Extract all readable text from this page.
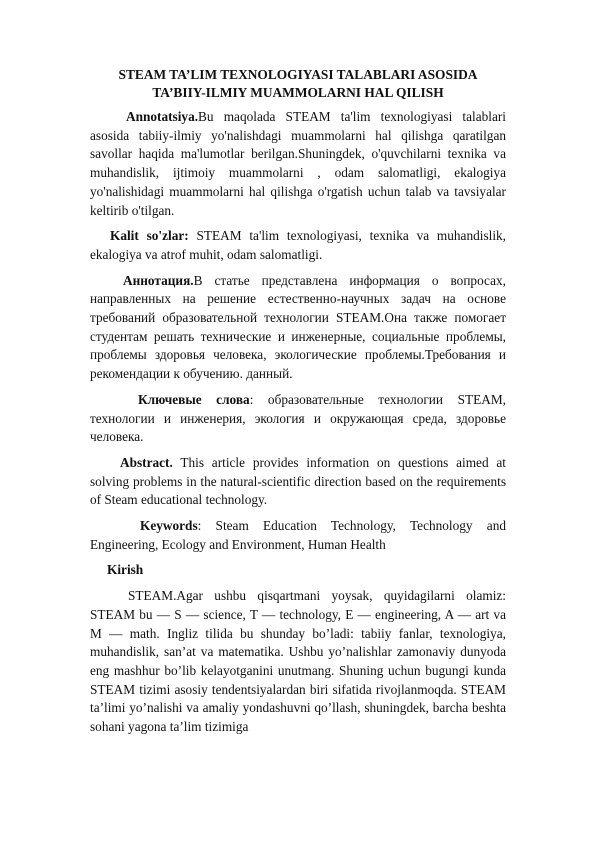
STEAM TA’LIM TEXNOLOGIYASI TALABLARI ASOSIDA
TA’BIIY-ILMIY MUAMMOLARNI HAL QILISH

Annotatsiya.Bu maqolada STEAM ta'lim texnologiyasi talablari asosida tabiiy-ilmiy yo'nalishdagi muammolarni hal qilishga qaratilgan savollar haqida ma'lumotlar berilgan.Shuningdek, o'quvchilarni texnika va muhandislik, ijtimoiy muammolarni , odam salomatligi, ekalogiya yo'nalishidagi muammolarni hal qilishga o'rgatish uchun talab va tavsiyalar keltirib o'tilgan.

Kalit so'zlar: STEAM ta'lim texnologiyasi, texnika va muhandislik, ekalogiya va atrof muhit, odam salomatligi.

Аннотация.В статье представлена информация о вопросах, направленных на решение естественно-научных задач на основе требований образовательной технологии STEAM.Она также помогает студентам решать технические и инженерные, социальные проблемы, проблемы здоровья человека, экологические проблемы.Требования и рекомендации к обучению. данный.

Ключевые слова: образовательные технологии STEAM, технологии и инженерия, экология и окружающая среда, здоровье человека.

Abstract. This article provides information on questions aimed at solving problems in the natural-scientific direction based on the requirements of Steam educational technology.

Keywords: Steam Education Technology, Technology and Engineering, Ecology and Environment, Human Health

Kirish

STEAM.Agar ushbu qisqartmani yoysak, quyidagilarni olamiz: STEAM bu — S — science, T — technology, E — engineering, A — art va M — math. Ingliz tilida bu shunday bo’ladi: tabiiy fanlar, texnologiya, muhandislik, san’at va matematika. Ushbu yo’nalishlar zamonaviy dunyoda eng mashhur bo’lib kelayotganini unutmang. Shuning uchun bugungi kunda STEAM tizimi asosiy tendentsiyalardan biri sifatida rivojlanmoqda. STEAM ta’limi yo’nalishi va amaliy yondashuvni qo’llash, shuningdek, barcha beshta sohani yagona ta’lim tizimiga
